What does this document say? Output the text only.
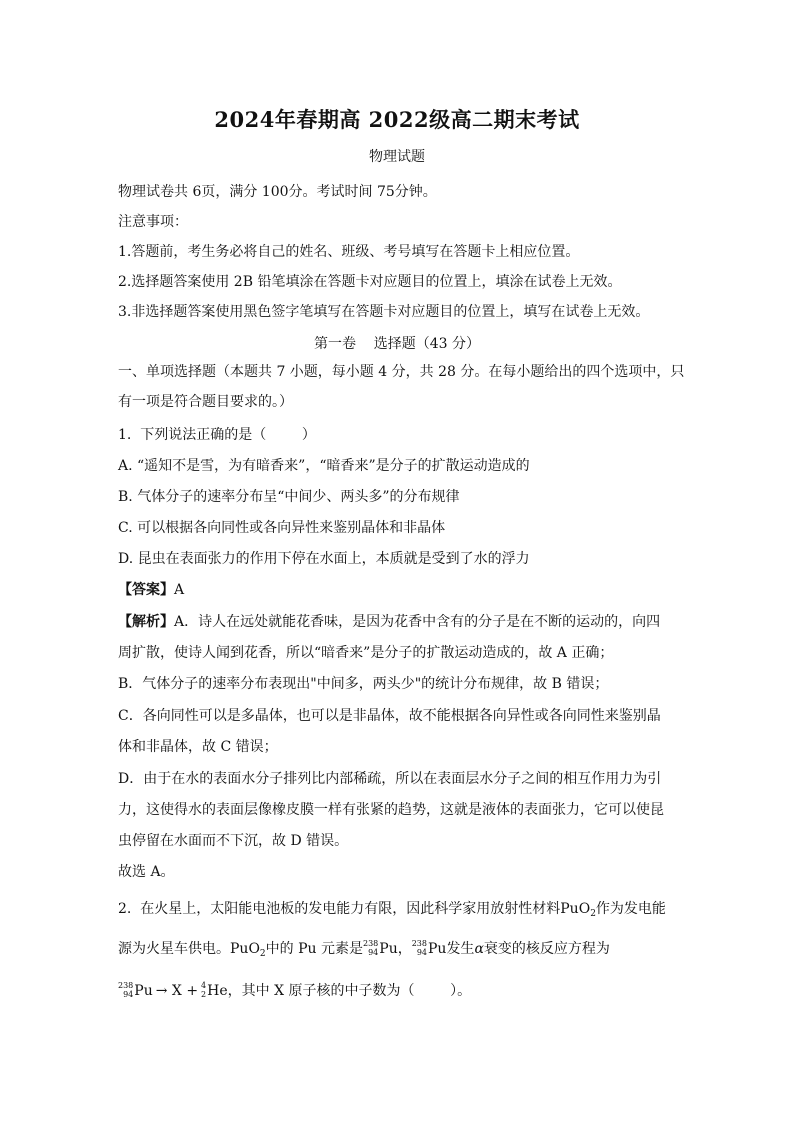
2024年春期高 2022级高二期末考试
物理试题
物理试卷共 6页，满分 100分。考试时间 75分钟。
注意事项：
1.答题前，考生务必将自己的姓名、班级、考号填写在答题卡上相应位置。
2.选择题答案使用 2B 铅笔填涂在答题卡对应题目的位置上，填涂在试卷上无效。
3.非选择题答案使用黑色签字笔填写在答题卡对应题目的位置上，填写在试卷上无效。
第一卷    选择题（43 分）
一、单项选择题（本题共 7 小题，每小题 4 分，共 28 分。在每小题给出的四个选项中，只
有一项是符合题目要求的。）
1.  下列说法正确的是（        ）
A. “遥知不是雪，为有暗香来”，“暗香来”是分子的扩散运动造成的
B. 气体分子的速率分布呈“中间少、两头多”的分布规律
C. 可以根据各向同性或各向异性来鉴别晶体和非晶体
D. 昆虫在表面张力的作用下停在水面上，本质就是受到了水的浮力
【答案】A
【解析】A．诗人在远处就能花香味，是因为花香中含有的分子是在不断的运动的，向四
周扩散，使诗人闻到花香，所以“暗香来”是分子的扩散运动造成的，故 A 正确；
B．气体分子的速率分布表现出"中间多，两头少"的统计分布规律，故 B 错误；
C．各向同性可以是多晶体，也可以是非晶体，故不能根据各向异性或各向同性来鉴别晶
体和非晶体，故 C 错误；
D．由于在水的表面水分子排列比内部稀疏，所以在表面层水分子之间的相互作用力为引
力，这使得水的表面层像橡皮膜一样有张紧的趋势，这就是液体的表面张力，它可以使昆
虫停留在水面而不下沉，故 D 错误。
故选 A。
2.  在火星上，太阳能电池板的发电能力有限，因此科学家用放射性材料PuO$_2$作为发电能
源为火星车供电。PuO$_2$中的 Pu 元素是 238
94 Pu， 238
94 Pu发生α衰变的核反应方程为
238
94 Pu → X + 4
2 He，其中 X 原子核的中子数为（        ）。
